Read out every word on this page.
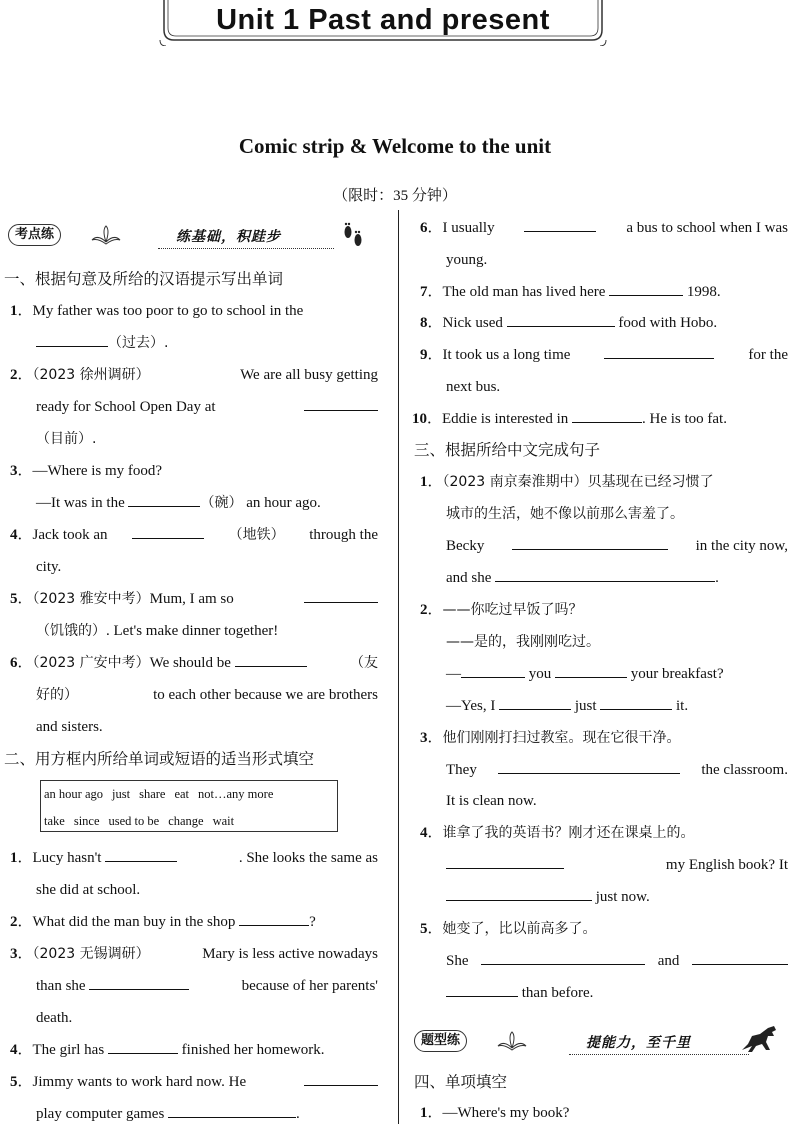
Unit 1 Past and present
Comic strip & Welcome to the unit
（限时：35 分钟）
考点练	练基础，积跬步
一、根据句意及所给的汉语提示写出单词
1．My father was too poor to go to school in the
（过去）.
2．（2023 徐州调研）	We are all busy getting
ready for School Open Day at
（目前）.
3．—Where is my food?
—It was in the	（碗） an hour ago.
4．Jack took an	（地铁） through the
city.
5．（2023 雅安中考）Mum, I am so
（饥饿的）. Let's make dinner together!
6．（2023 广安中考）We should be	（友
好的）	to each other because we are brothers
and sisters.
二、用方框内所给单词或短语的适当形式填空
an hour ago just share eat not…any more
take since used to be change wait
1．Lucy hasn't	. She looks the same as
she did at school.
2．What did the man buy in the shop	?
3．（2023 无锡调研）	Mary is less active nowadays
than she	because of her parents'
death.
4．The girl has	finished her homework.
5．Jimmy wants to work hard now. He
play computer games	.
6．I usually	a bus to school when I was
young.
7．The old man has lived here	1998.
8．Nick used	food with Hobo.
9．It took us a long time	for the
next bus.
10．Eddie is interested in	. He is too fat.
三、根据所给中文完成句子
1．（2023 南京秦淮期中）贝基现在已经习惯了
城市的生活，她不像以前那么害羞了。
Becky	in the city now,
and she	.
2．——你吃过早饭了吗？
——是的，我刚刚吃过。
—	you	your breakfast?
—Yes, I	just	it.
3．他们刚刚打扫过教室。现在它很干净。
They	the classroom.
It is clean now.
4．谁拿了我的英语书？刚才还在课桌上的。
my English book? It
just now.
5．她变了，比以前高多了。
She	and
than before.
题型练	提能力，至千里
四、单项填空
1．—Where's my book?
